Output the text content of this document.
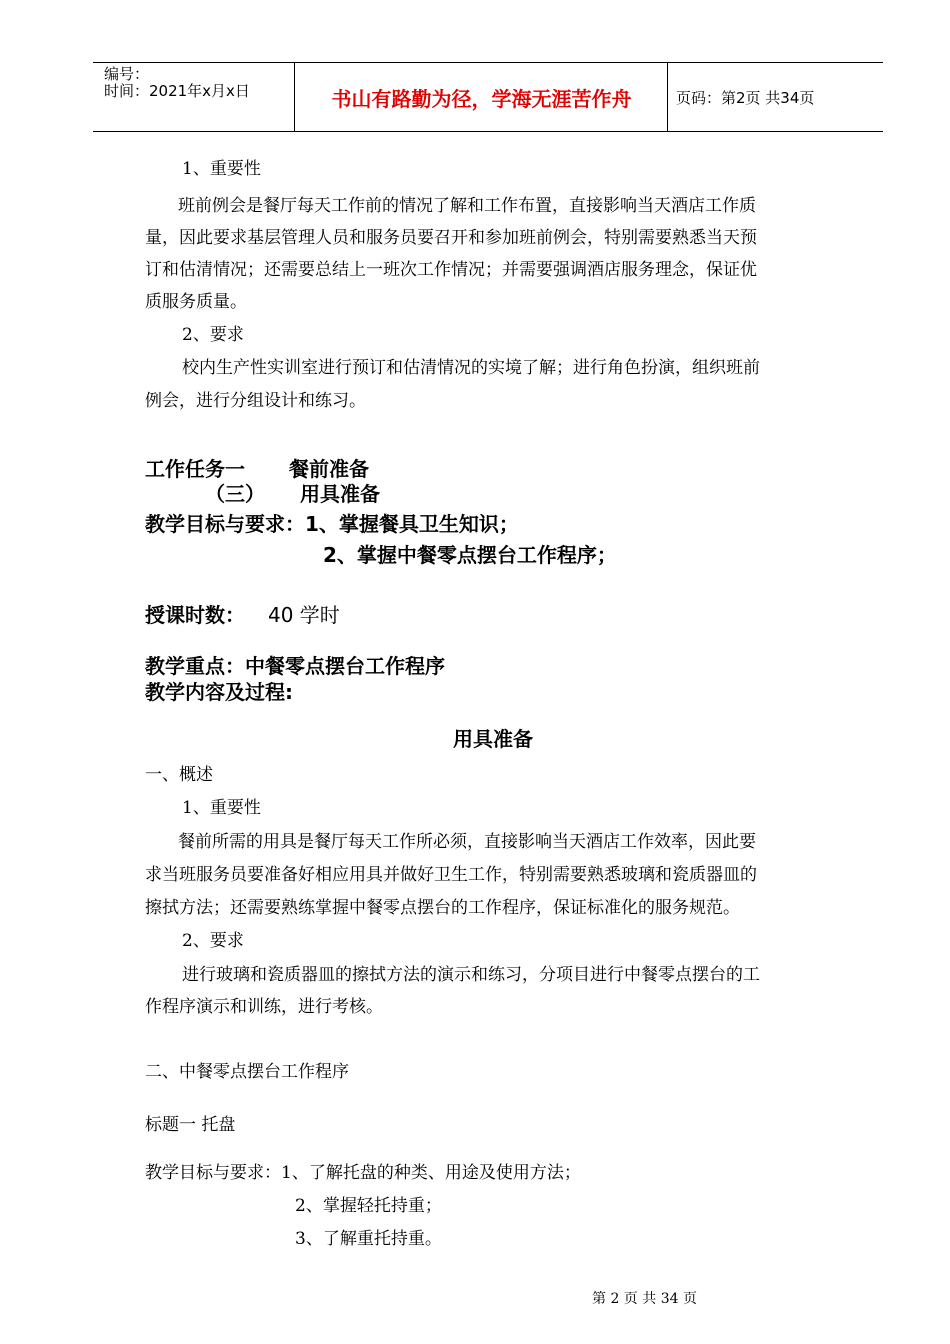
编号：
时间：2021年x月x日	书山有路勤为径，学海无涯苦作舟	页码：第2页 共34页
1、重要性
班前例会是餐厅每天工作前的情况了解和工作布置，直接影响当天酒店工作质
量，因此要求基层管理人员和服务员要召开和参加班前例会，特别需要熟悉当天预
订和估清情况；还需要总结上一班次工作情况；并需要强调酒店服务理念，保证优
质服务质量。
2、要求
校内生产性实训室进行预订和估清情况的实境了解；进行角色扮演，组织班前
例会，进行分组设计和练习。
工作任务一 餐前准备
（三） 用具准备
教学目标与要求：1、掌握餐具卫生知识；
2、掌握中餐零点摆台工作程序；
授课时数： 40 学时
教学重点：中餐零点摆台工作程序
教学内容及过程:
用具准备
一、概述
1、重要性
餐前所需的用具是餐厅每天工作所必须，直接影响当天酒店工作效率，因此要
求当班服务员要准备好相应用具并做好卫生工作，特别需要熟悉玻璃和瓷质器皿的
擦拭方法；还需要熟练掌握中餐零点摆台的工作程序，保证标准化的服务规范。
2、要求
进行玻璃和瓷质器皿的擦拭方法的演示和练习，分项目进行中餐零点摆台的工
作程序演示和训练，进行考核。
二、中餐零点摆台工作程序
标题一 托盘
教学目标与要求：1、了解托盘的种类、用途及使用方法；
2、掌握轻托持重；
3、了解重托持重。
第 2 页 共 34 页
